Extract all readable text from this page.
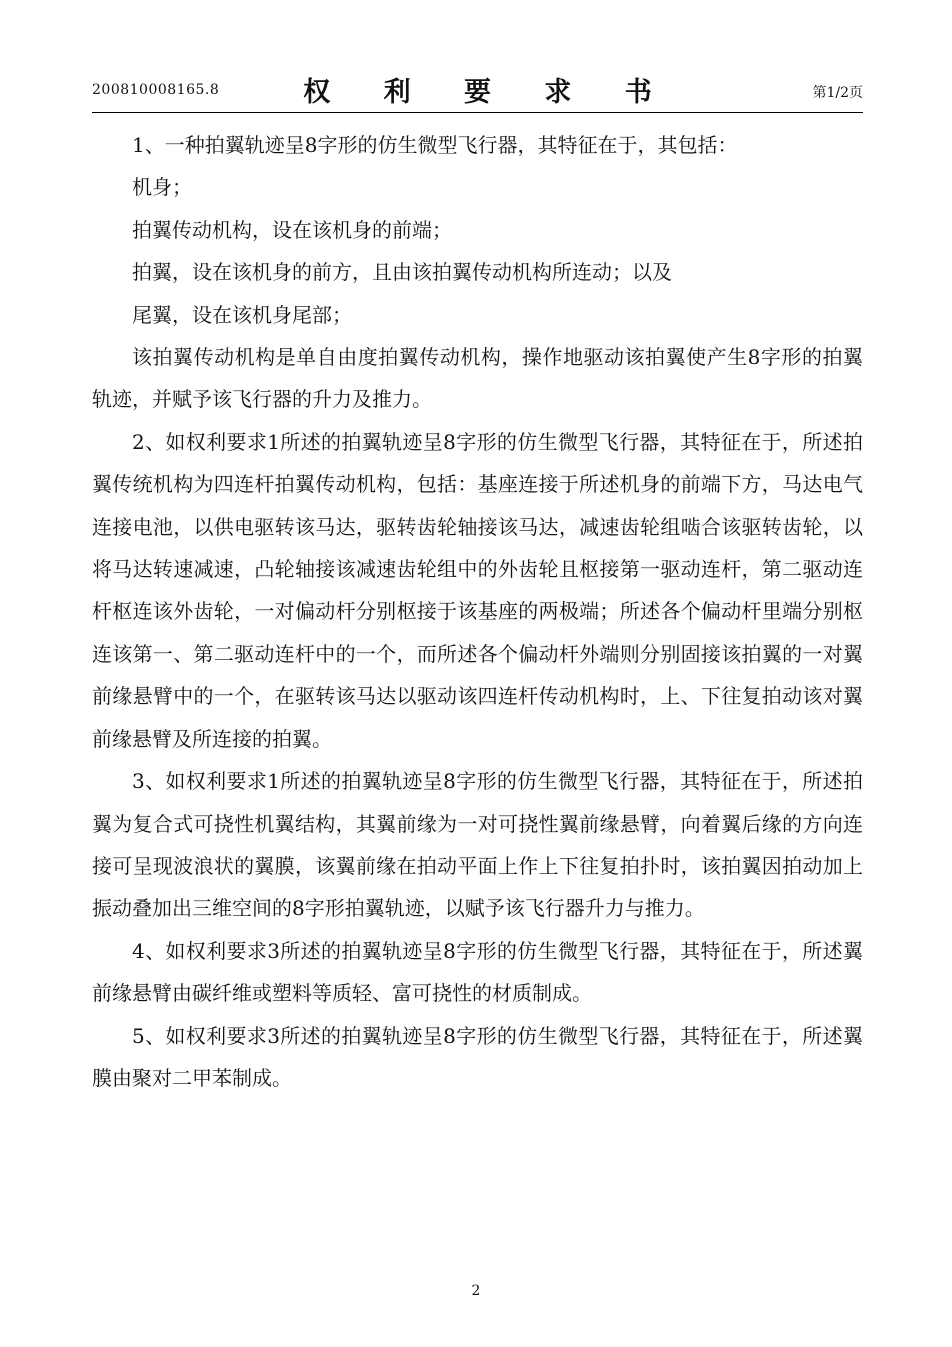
200810008165.8	权 利 要 求 书	第1/2页

1、一种拍翼轨迹呈8字形的仿生微型飞行器，其特征在于，其包括：

机身；

拍翼传动机构，设在该机身的前端；

拍翼，设在该机身的前方，且由该拍翼传动机构所连动；以及

尾翼，设在该机身尾部；

该拍翼传动机构是单自由度拍翼传动机构，操作地驱动该拍翼使产生8字形的拍翼轨迹，并赋予该飞行器的升力及推力。

2、如权利要求1所述的拍翼轨迹呈8字形的仿生微型飞行器，其特征在于，所述拍翼传统机构为四连杆拍翼传动机构，包括：基座连接于所述机身的前端下方，马达电气连接电池，以供电驱转该马达，驱转齿轮轴接该马达，减速齿轮组啮合该驱转齿轮，以将马达转速减速，凸轮轴接该减速齿轮组中的外齿轮且枢接第一驱动连杆，第二驱动连杆枢连该外齿轮，一对偏动杆分别枢接于该基座的两极端；所述各个偏动杆里端分别枢连该第一、第二驱动连杆中的一个，而所述各个偏动杆外端则分别固接该拍翼的一对翼前缘悬臂中的一个，在驱转该马达以驱动该四连杆传动机构时，上、下往复拍动该对翼前缘悬臂及所连接的拍翼。

3、如权利要求1所述的拍翼轨迹呈8字形的仿生微型飞行器，其特征在于，所述拍翼为复合式可挠性机翼结构，其翼前缘为一对可挠性翼前缘悬臂，向着翼后缘的方向连接可呈现波浪状的翼膜，该翼前缘在拍动平面上作上下往复拍扑时，该拍翼因拍动加上振动叠加出三维空间的8字形拍翼轨迹，以赋予该飞行器升力与推力。

4、如权利要求3所述的拍翼轨迹呈8字形的仿生微型飞行器，其特征在于，所述翼前缘悬臂由碳纤维或塑料等质轻、富可挠性的材质制成。

5、如权利要求3所述的拍翼轨迹呈8字形的仿生微型飞行器，其特征在于，所述翼膜由聚对二甲苯制成。

2
